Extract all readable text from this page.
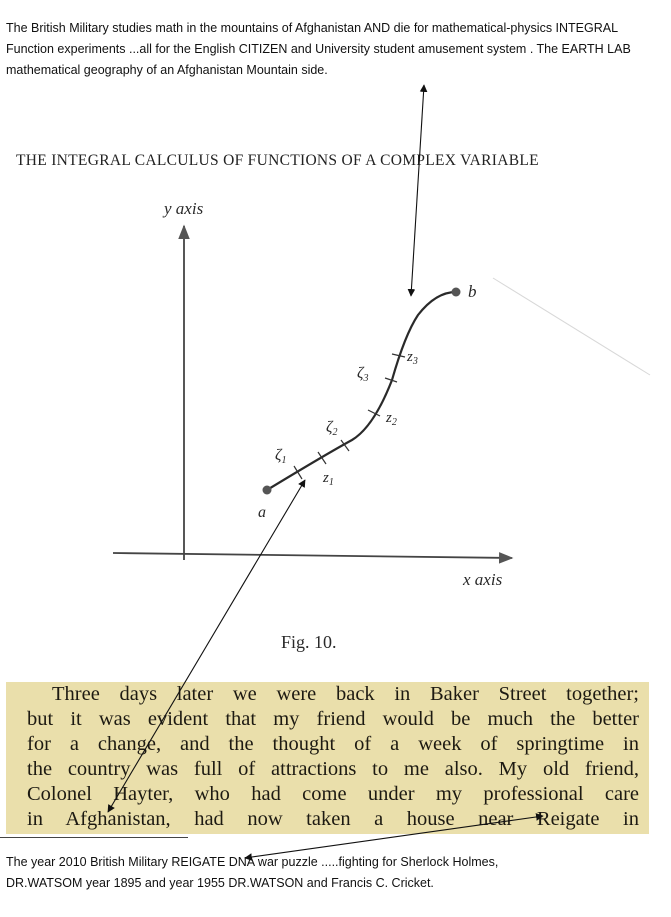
The British Military studies math in the mountains of Afghanistan AND die for mathematical-physics INTEGRAL Function experiments ...all for the English CITIZEN and University student amusement system . The EARTH LAB mathematical geography of an Afghanistan Mountain side.
THE INTEGRAL CALCULUS OF FUNCTIONS OF A COMPLEX VARIABLE
Three days later we were back in Baker Street together;
but it was evident that my friend would be much the better
for a change, and the thought of a week of springtime in
the country was full of attractions to me also. My old friend,
Colonel Hayter, who had come under my professional care
in Afghanistan, had now taken a house near Reigate in
The year 2010 British Military REIGATE DNA war puzzle .....fighting for Sherlock Holmes,
DR.WATSOM year 1895 and year 1955 DR.WATSON and Francis C. Cricket.
y axis
x axis
a
b
$z_1$
$z_2$
$z_3$
ζ1
ζ2
ζ3
Fig. 10.
